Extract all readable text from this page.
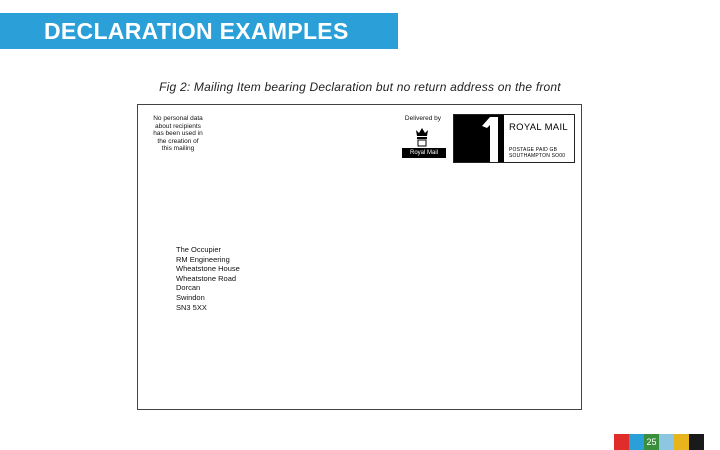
DECLARATION EXAMPLES
Fig 2: Mailing Item bearing Declaration but no return address on the front
No personal data
about recipients
has been used in
the creation of
this mailing
Delivered by
Royal Mail
ROYAL MAIL
POSTAGE PAID GB
SOUTHAMPTON SO00
The Occupier
RM Engineering
Wheatstone House
Wheatstone Road
Dorcan
Swindon
SN3 5XX
25
